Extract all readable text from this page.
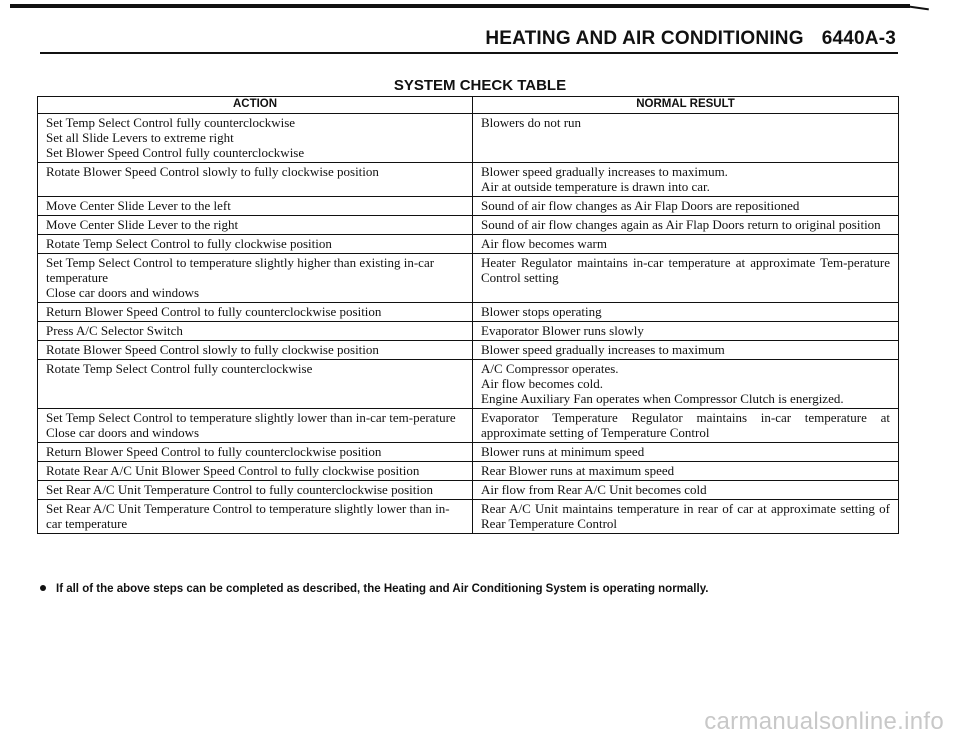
HEATING AND AIR CONDITIONING 6440A-3
SYSTEM CHECK TABLE
ACTION	NORMAL RESULT

Set Temp Select Control fully counterclockwise
Set all Slide Levers to extreme right
Set Blower Speed Control fully counterclockwise	Blowers do not run

Rotate Blower Speed Control slowly to fully clockwise position	Blower speed gradually increases to maximum.
Air at outside temperature is drawn into car.

Move Center Slide Lever to the left	Sound of air flow changes as Air Flap Doors are repositioned

Move Center Slide Lever to the right	Sound of air flow changes again as Air Flap Doors return to original position

Rotate Temp Select Control to fully clockwise position	Air flow becomes warm

Set Temp Select Control to temperature slightly higher than existing in-car temperature
Close car doors and windows	Heater Regulator maintains in-car temperature at approximate Tem-perature Control setting

Return Blower Speed Control to fully counterclockwise position	Blower stops operating

Press A/C Selector Switch	Evaporator Blower runs slowly

Rotate Blower Speed Control slowly to fully clockwise position	Blower speed gradually increases to maximum

Rotate Temp Select Control fully counterclockwise	A/C Compressor operates.
Air flow becomes cold.
Engine Auxiliary Fan operates when Compressor Clutch is energized.

Set Temp Select Control to temperature slightly lower than in-car tem-perature
Close car doors and windows	Evaporator Temperature Regulator maintains in-car temperature at approximate setting of Temperature Control

Return Blower Speed Control to fully counterclockwise position	Blower runs at minimum speed

Rotate Rear A/C Unit Blower Speed Control to fully clockwise position	Rear Blower runs at maximum speed

Set Rear A/C Unit Temperature Control to fully counterclockwise position	Air flow from Rear A/C Unit becomes cold

Set Rear A/C Unit Temperature Control to temperature slightly lower than in-car temperature	Rear A/C Unit maintains temperature in rear of car at approximate setting of Rear Temperature Control
If all of the above steps can be completed as described, the Heating and Air Conditioning System is operating normally.
carmanualsonline.info
